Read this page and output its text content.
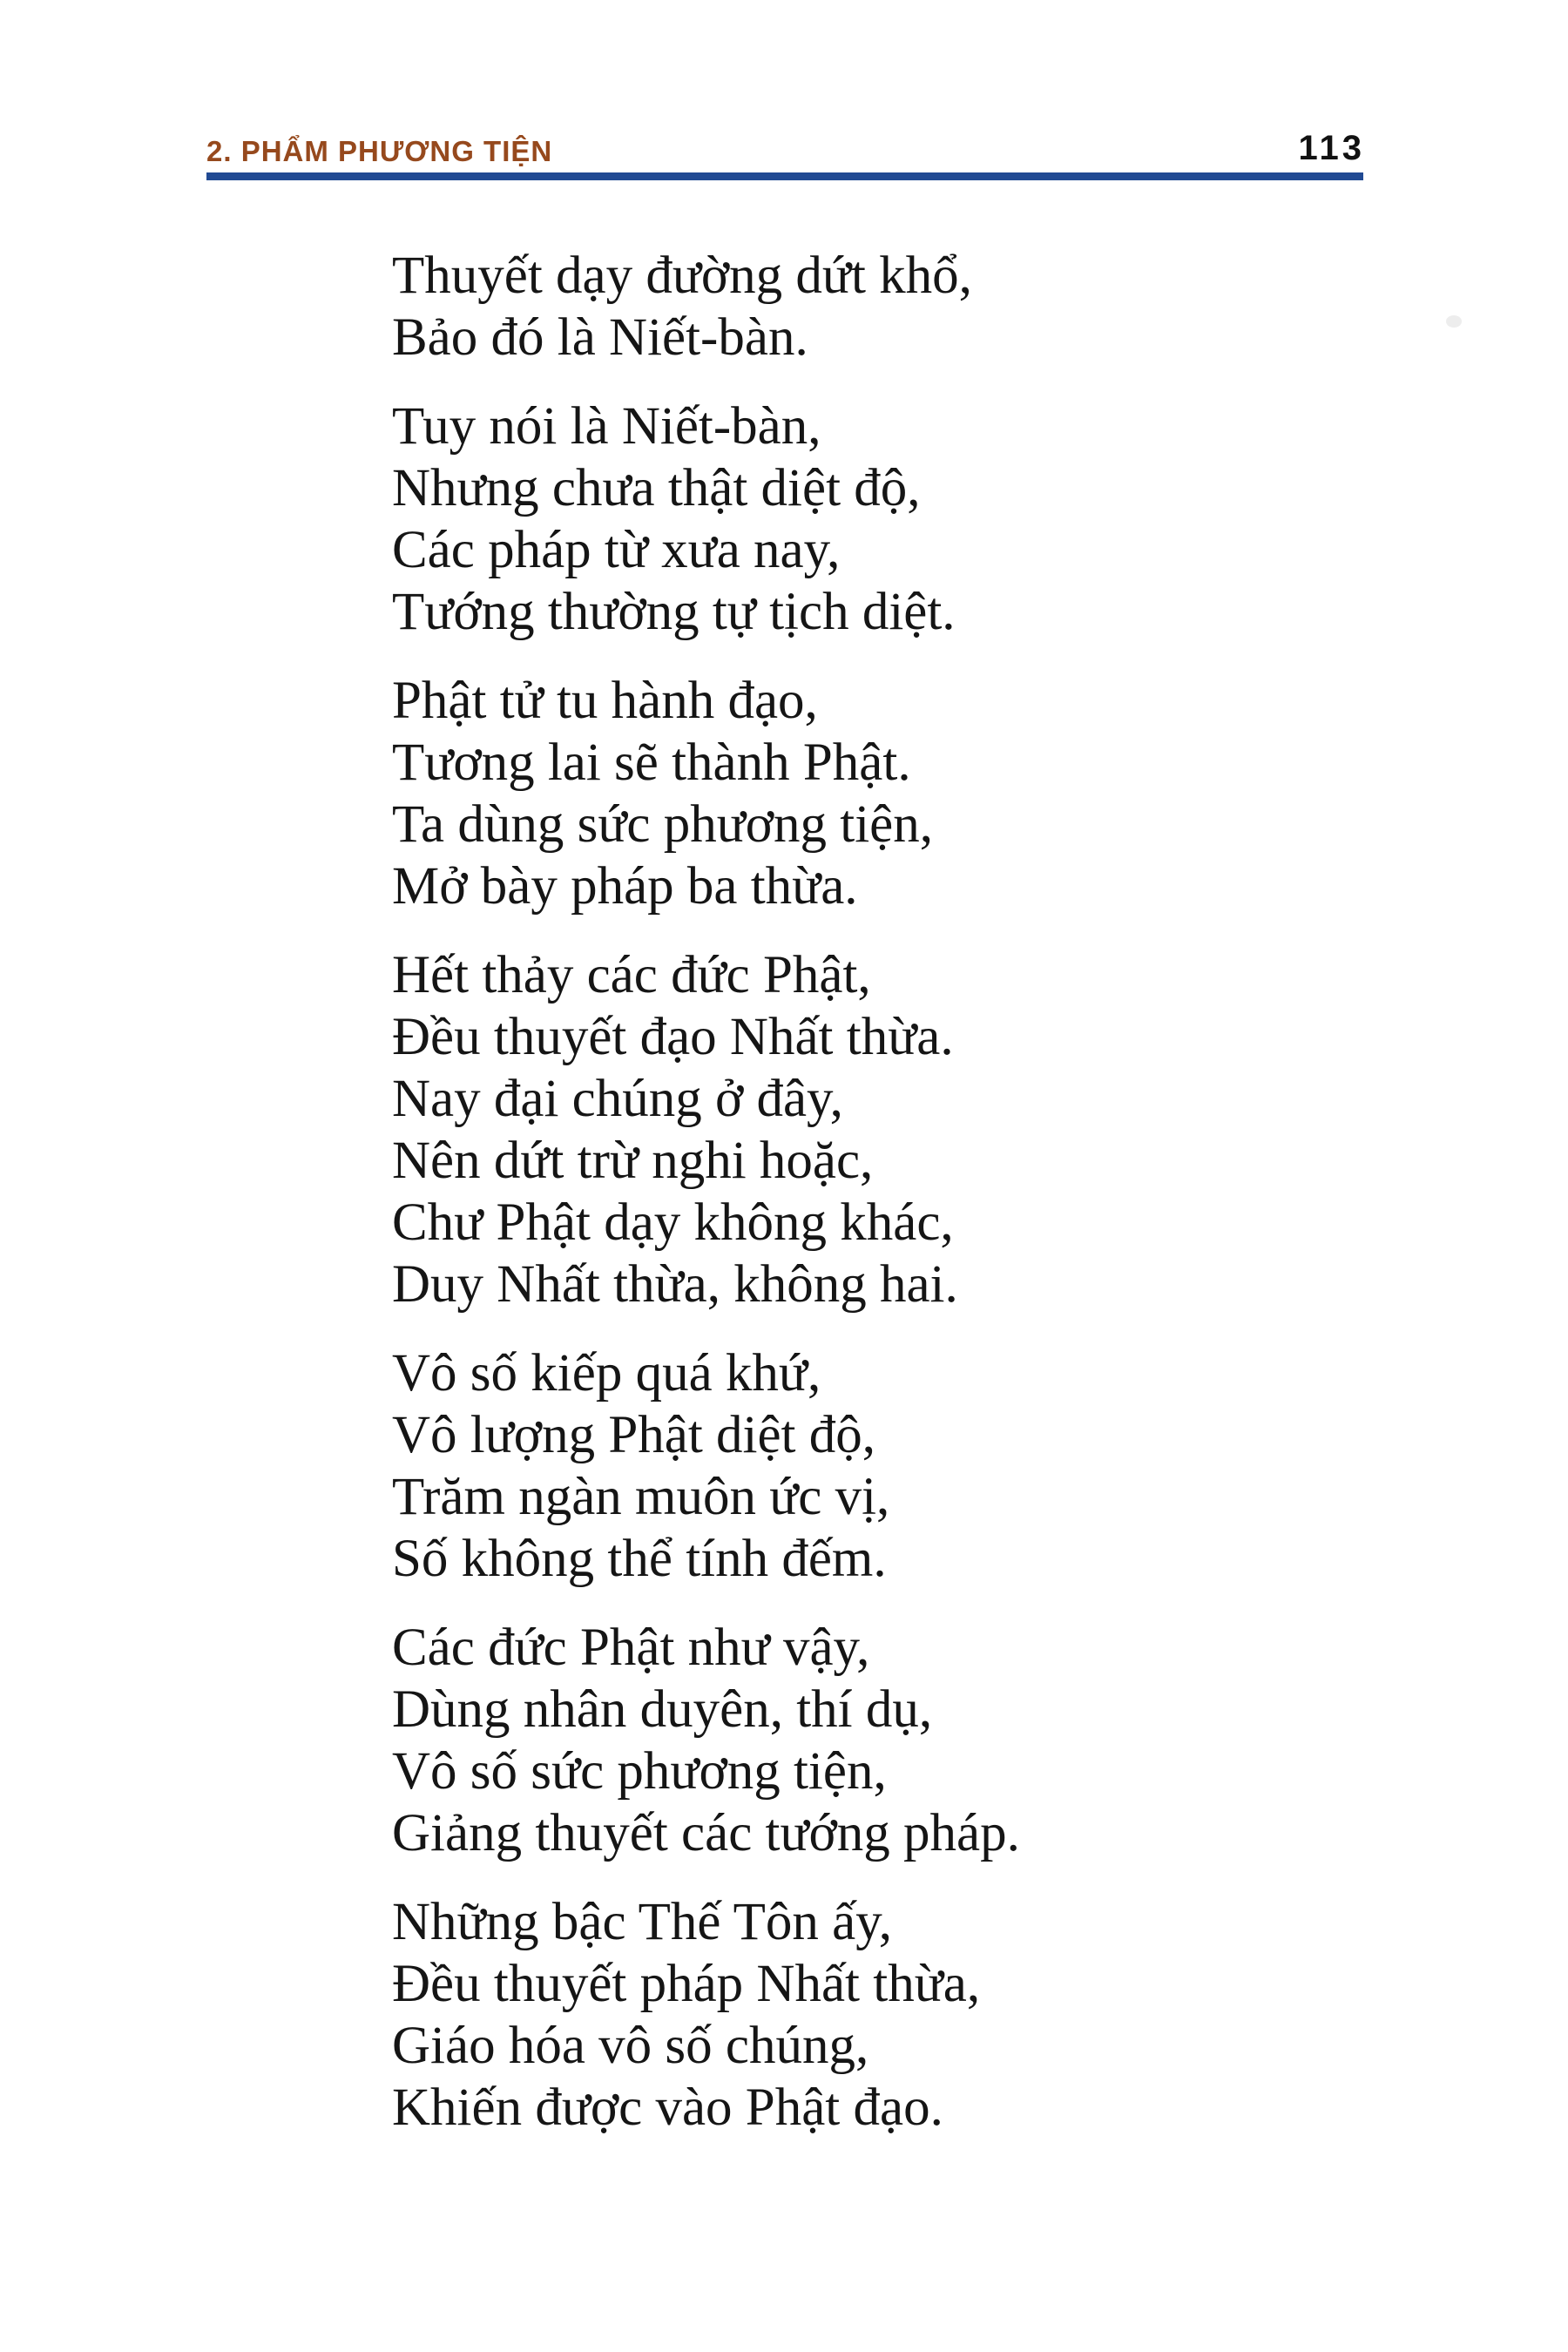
2. PHẨM PHƯƠNG TIỆN	113

Thuyết dạy đường dứt khổ,

Bảo đó là Niết-bàn.

Tuy nói là Niết-bàn,

Nhưng chưa thật diệt độ,

Các pháp từ xưa nay,

Tướng thường tự tịch diệt.

Phật tử tu hành đạo,

Tương lai sẽ thành Phật.

Ta dùng sức phương tiện,

Mở bày pháp ba thừa.

Hết thảy các đức Phật,

Đều thuyết đạo Nhất thừa.

Nay đại chúng ở đây,

Nên dứt trừ nghi hoặc,

Chư Phật dạy không khác,

Duy Nhất thừa, không hai.

Vô số kiếp quá khứ,

Vô lượng Phật diệt độ,

Trăm ngàn muôn ức vị,

Số không thể tính đếm.

Các đức Phật như vậy,

Dùng nhân duyên, thí dụ,

Vô số sức phương tiện,

Giảng thuyết các tướng pháp.

Những bậc Thế Tôn ấy,

Đều thuyết pháp Nhất thừa,

Giáo hóa vô số chúng,

Khiến được vào Phật đạo.
